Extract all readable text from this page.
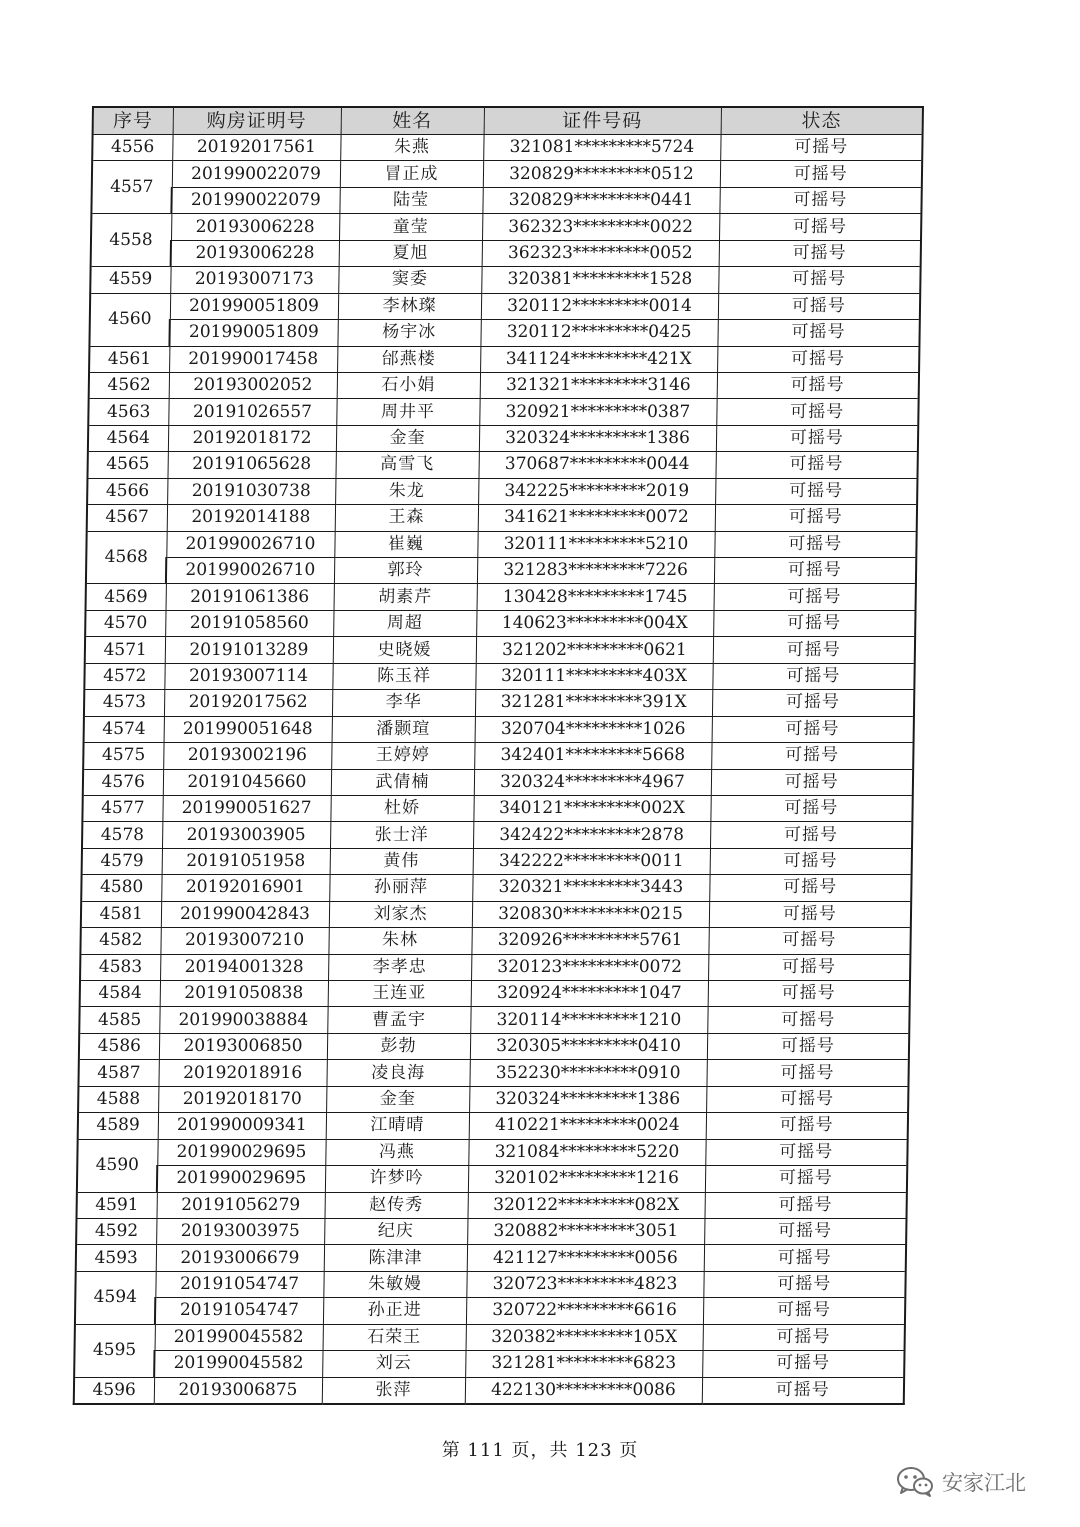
序号	购房证明号	姓名	证件号码	状态
4556	20192017561	朱燕	321081*********5724	可摇号
4557	201990022079	冒正成	320829*********0512	可摇号
	201990022079	陆莹	320829*********0441	可摇号
4558	20193006228	童莹	362323*********0022	可摇号
	20193006228	夏旭	362323*********0052	可摇号
4559	20193007173	窦委	320381*********1528	可摇号
4560	201990051809	李林璨	320112*********0014	可摇号
	201990051809	杨宇冰	320112*********0425	可摇号
4561	201990017458	邰燕楼	341124*********421X	可摇号
4562	20193002052	石小娟	321321*********3146	可摇号
4563	20191026557	周井平	320921*********0387	可摇号
4564	20192018172	金奎	320324*********1386	可摇号
4565	20191065628	高雪飞	370687*********0044	可摇号
4566	20191030738	朱龙	342225*********2019	可摇号
4567	20192014188	王森	341621*********0072	可摇号
4568	201990026710	崔巍	320111*********5210	可摇号
	201990026710	郭玲	321283*********7226	可摇号
4569	20191061386	胡素芹	130428*********1745	可摇号
4570	20191058560	周超	140623*********004X	可摇号
4571	20191013289	史晓媛	321202*********0621	可摇号
4572	20193007114	陈玉祥	320111*********403X	可摇号
4573	20192017562	李华	321281*********391X	可摇号
4574	201990051648	潘颢瑄	320704*********1026	可摇号
4575	20193002196	王婷婷	342401*********5668	可摇号
4576	20191045660	武倩楠	320324*********4967	可摇号
4577	201990051627	杜娇	340121*********002X	可摇号
4578	20193003905	张士洋	342422*********2878	可摇号
4579	20191051958	黄伟	342222*********0011	可摇号
4580	20192016901	孙丽萍	320321*********3443	可摇号
4581	201990042843	刘家杰	320830*********0215	可摇号
4582	20193007210	朱林	320926*********5761	可摇号
4583	20194001328	李孝忠	320123*********0072	可摇号
4584	20191050838	王连亚	320924*********1047	可摇号
4585	201990038884	曹孟宇	320114*********1210	可摇号
4586	20193006850	彭勃	320305*********0410	可摇号
4587	20192018916	凌良海	352230*********0910	可摇号
4588	20192018170	金奎	320324*********1386	可摇号
4589	201990009341	江晴晴	410221*********0024	可摇号
4590	201990029695	冯燕	321084*********5220	可摇号
	201990029695	许梦吟	320102*********1216	可摇号
4591	20191056279	赵传秀	320122*********082X	可摇号
4592	20193003975	纪庆	320882*********3051	可摇号
4593	20193006679	陈津津	421127*********0056	可摇号
4594	20191054747	朱敏嫚	320723*********4823	可摇号
	20191054747	孙正进	320722*********6616	可摇号
4595	201990045582	石荣王	320382*********105X	可摇号
	201990045582	刘云	321281*********6823	可摇号
4596	20193006875	张萍	422130*********0086	可摇号
第 111 页，共 123 页
安家江北
